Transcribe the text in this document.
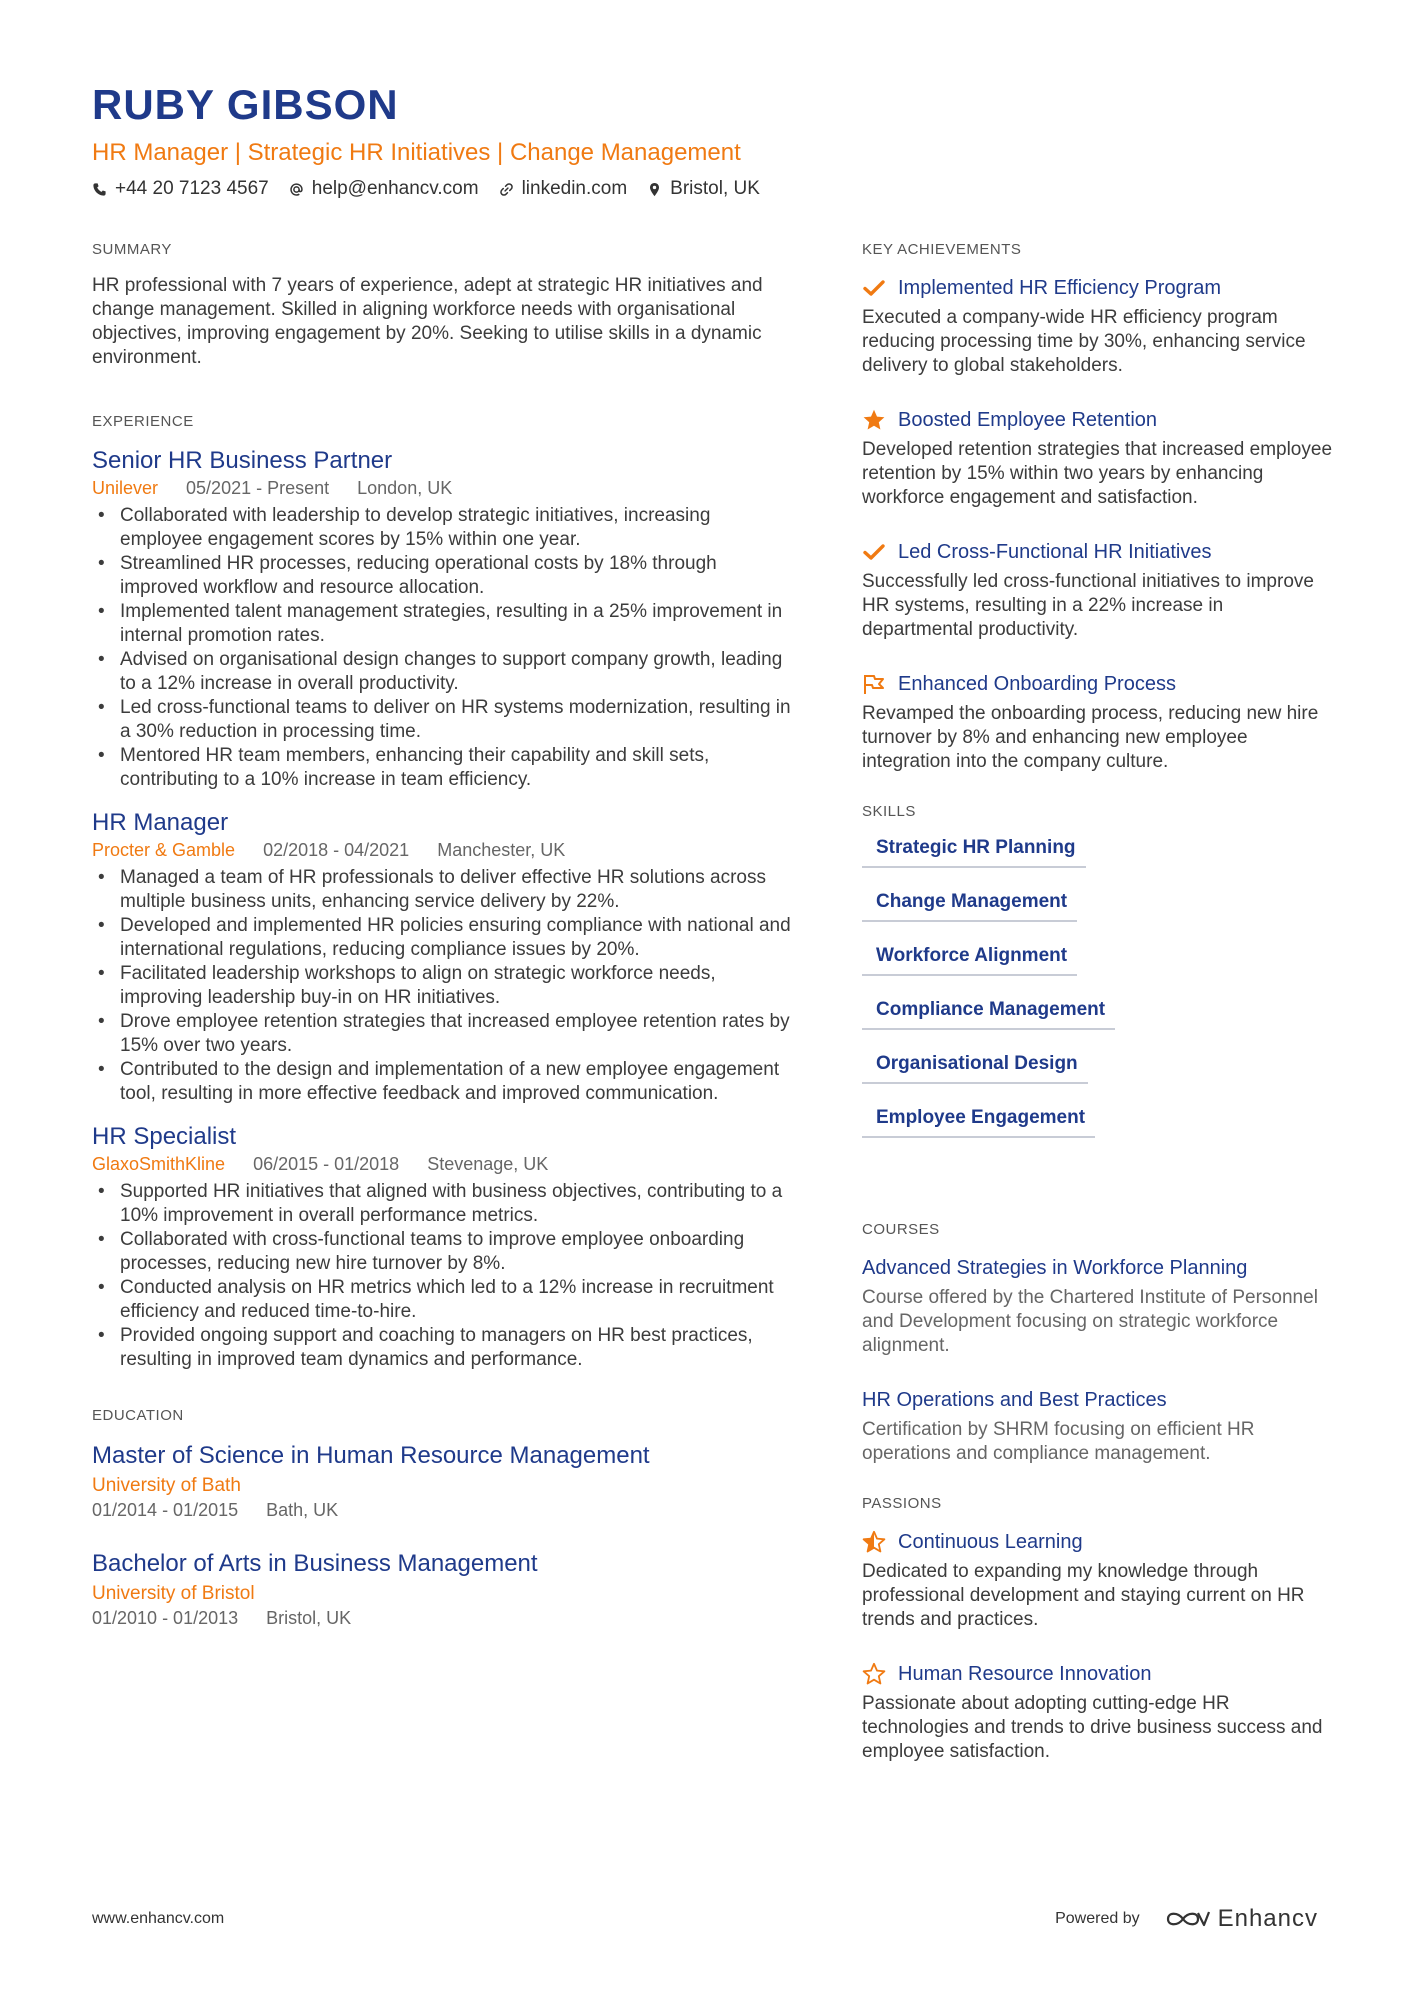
RUBY GIBSON
HR Manager | Strategic HR Initiatives | Change Management
+44 20 7123 4567 help@enhancv.com linkedin.com Bristol, UK
SUMMARY

HR professional with 7 years of experience, adept at strategic HR initiatives and change management. Skilled in aligning workforce needs with organisational objectives, improving engagement by 20%. Seeking to utilise skills in a dynamic environment.

EXPERIENCE
Senior HR Business Partner
Unilever 05/2021 - Present London, UK
• Collaborated with leadership to develop strategic initiatives, increasing employee engagement scores by 15% within one year.
• Streamlined HR processes, reducing operational costs by 18% through improved workflow and resource allocation.
• Implemented talent management strategies, resulting in a 25% improvement in internal promotion rates.
• Advised on organisational design changes to support company growth, leading to a 12% increase in overall productivity.
• Led cross-functional teams to deliver on HR systems modernization, resulting in a 30% reduction in processing time.
• Mentored HR team members, enhancing their capability and skill sets, contributing to a 10% increase in team efficiency.
HR Manager
Procter & Gamble 02/2018 - 04/2021 Manchester, UK
• Managed a team of HR professionals to deliver effective HR solutions across multiple business units, enhancing service delivery by 22%.
• Developed and implemented HR policies ensuring compliance with national and international regulations, reducing compliance issues by 20%.
• Facilitated leadership workshops to align on strategic workforce needs, improving leadership buy-in on HR initiatives.
• Drove employee retention strategies that increased employee retention rates by 15% over two years.
• Contributed to the design and implementation of a new employee engagement tool, resulting in more effective feedback and improved communication.
HR Specialist
GlaxoSmithKline 06/2015 - 01/2018 Stevenage, UK
• Supported HR initiatives that aligned with business objectives, contributing to a 10% improvement in overall performance metrics.
• Collaborated with cross-functional teams to improve employee onboarding processes, reducing new hire turnover by 8%.
• Conducted analysis on HR metrics which led to a 12% increase in recruitment efficiency and reduced time-to-hire.
• Provided ongoing support and coaching to managers on HR best practices, resulting in improved team dynamics and performance.
EDUCATION
Master of Science in Human Resource Management
University of Bath
01/2014 - 01/2015 Bath, UK
Bachelor of Arts in Business Management
University of Bristol
01/2010 - 01/2013 Bristol, UK
KEY ACHIEVEMENTS
Implemented HR Efficiency Program
Executed a company-wide HR efficiency program reducing processing time by 30%, enhancing service delivery to global stakeholders.
Boosted Employee Retention
Developed retention strategies that increased employee retention by 15% within two years by enhancing workforce engagement and satisfaction.
Led Cross-Functional HR Initiatives
Successfully led cross-functional initiatives to improve HR systems, resulting in a 22% increase in departmental productivity.
Enhanced Onboarding Process
Revamped the onboarding process, reducing new hire turnover by 8% and enhancing new employee integration into the company culture.
SKILLS
Strategic HR Planning
Change Management
Workforce Alignment
Compliance Management
Organisational Design
Employee Engagement
COURSES
Advanced Strategies in Workforce Planning
Course offered by the Chartered Institute of Personnel and Development focusing on strategic workforce alignment.
HR Operations and Best Practices
Certification by SHRM focusing on efficient HR operations and compliance management.
PASSIONS
Continuous Learning
Dedicated to expanding my knowledge through professional development and staying current on HR trends and practices.
Human Resource Innovation
Passionate about adopting cutting-edge HR technologies and trends to drive business success and employee satisfaction.
www.enhancv.com	Powered by	Enhancv
